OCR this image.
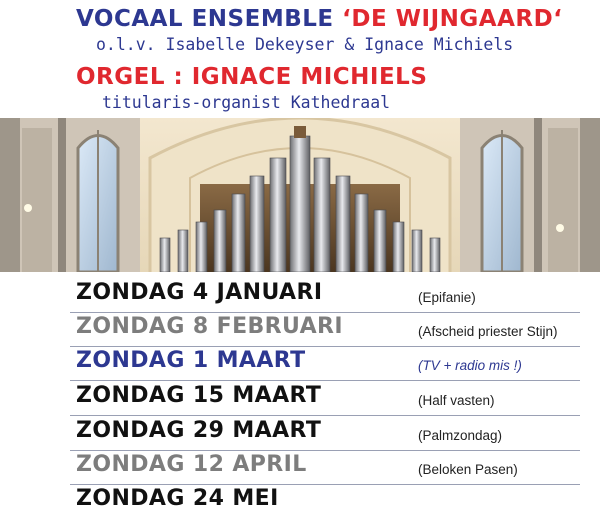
VOCAAL ENSEMBLE ‘DE WIJNGAARD‘
o.l.v. Isabelle Dekeyser & Ignace Michiels
ORGEL : IGNACE MICHIELS
titularis-organist Kathedraal
ZONDAG 4 JANUARI	(Epifanie)
ZONDAG 8 FEBRUARI	(Afscheid priester Stijn)
ZONDAG 1 MAART	(TV + radio mis !)
ZONDAG 15 MAART	(Half vasten)
ZONDAG 29 MAART	(Palmzondag)
ZONDAG 12 APRIL	(Beloken Pasen)
ZONDAG 24 MEI
